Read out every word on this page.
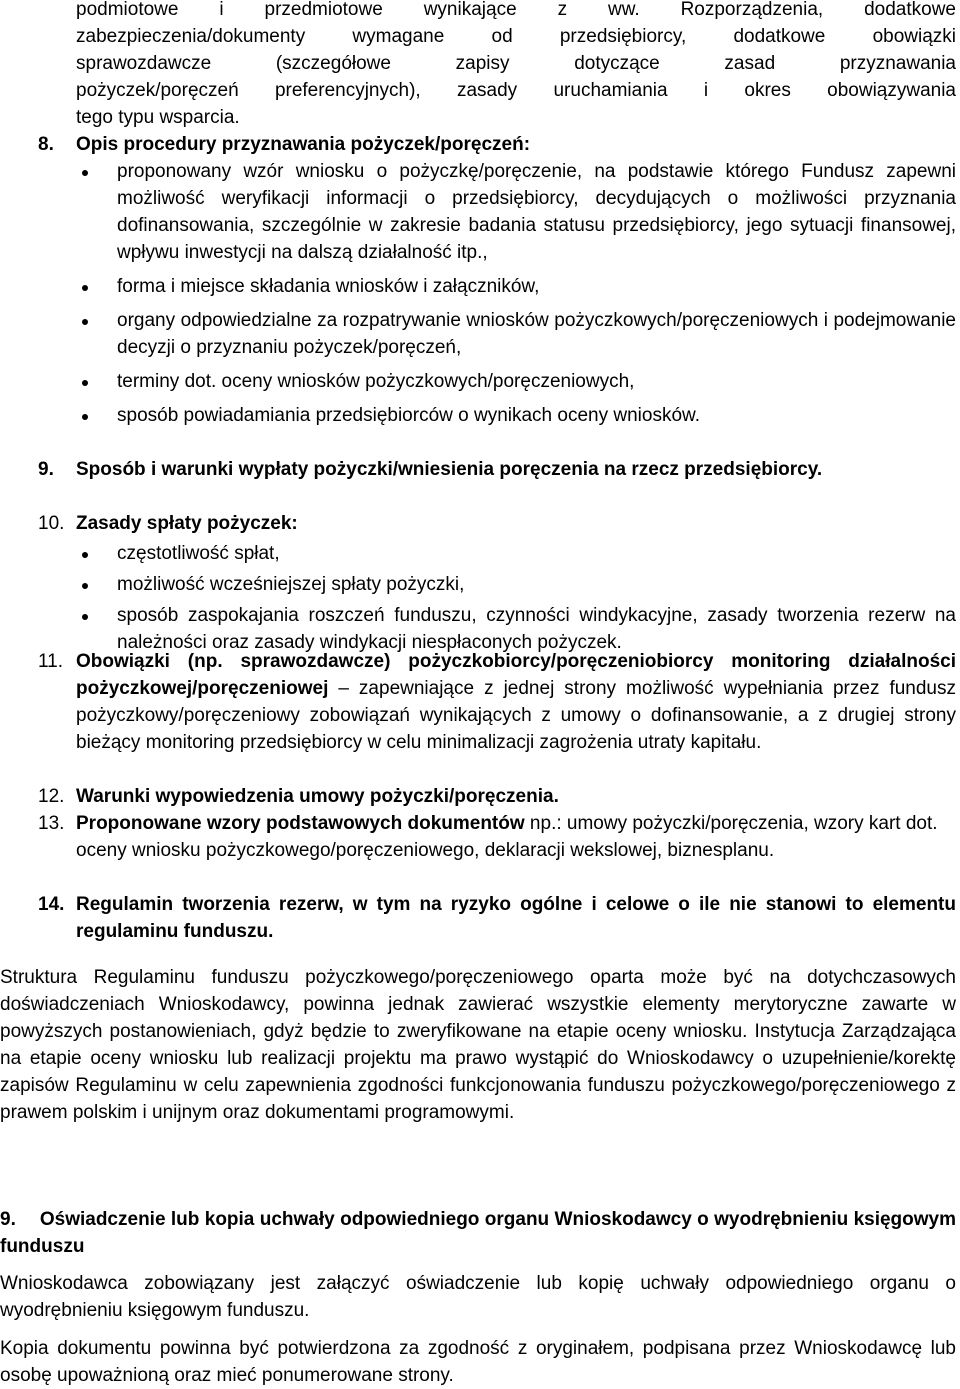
podmiotowe i przedmiotowe wynikające z ww. Rozporządzenia, dodatkowe
zabezpieczenia/dokumenty wymagane od przedsiębiorcy, dodatkowe obowiązki
sprawozdawcze (szczegółowe zapisy dotyczące zasad przyznawania
pożyczek/poręczeń preferencyjnych), zasady uruchamiania i okres obowiązywania
tego typu wsparcia.
8. Opis procedury przyznawania pożyczek/poręczeń:
proponowany wzór wniosku o pożyczkę/poręczenie, na podstawie którego Fundusz zapewni możliwość weryfikacji informacji o przedsiębiorcy, decydujących o możliwości przyznania dofinansowania, szczególnie w zakresie badania statusu przedsiębiorcy, jego sytuacji finansowej, wpływu inwestycji na dalszą działalność itp.,
forma i miejsce składania wniosków i załączników,
organy odpowiedzialne za rozpatrywanie wniosków pożyczkowych/poręczeniowych i podejmowanie decyzji o przyznaniu pożyczek/poręczeń,
terminy dot. oceny wniosków pożyczkowych/poręczeniowych,
sposób powiadamiania przedsiębiorców o wynikach oceny wniosków.
9. Sposób i warunki wypłaty pożyczki/wniesienia poręczenia na rzecz przedsiębiorcy.
10. Zasady spłaty pożyczek:
częstotliwość spłat,
możliwość wcześniejszej spłaty pożyczki,
sposób zaspokajania roszczeń funduszu, czynności windykacyjne, zasady tworzenia rezerw na należności oraz zasady windykacji niespłaconych pożyczek.
11. Obowiązki (np. sprawozdawcze) pożyczkobiorcy/poręczeniobiorcy monitoring działalności pożyczkowej/poręczeniowej – zapewniające z jednej strony możliwość wypełniania przez fundusz pożyczkowy/poręczeniowy zobowiązań wynikających z umowy o dofinansowanie, a z drugiej strony bieżący monitoring przedsiębiorcy w celu minimalizacji zagrożenia utraty kapitału.
12. Warunki wypowiedzenia umowy pożyczki/poręczenia.
13. Proponowane wzory podstawowych dokumentów np.: umowy pożyczki/poręczenia, wzory kart dot. oceny wniosku pożyczkowego/poręczeniowego, deklaracji wekslowej, biznesplanu.
14. Regulamin tworzenia rezerw, w tym na ryzyko ogólne i celowe o ile nie stanowi to elementu regulaminu funduszu.
Struktura Regulaminu funduszu pożyczkowego/poręczeniowego oparta może być na dotychczasowych doświadczeniach Wnioskodawcy, powinna jednak zawierać wszystkie elementy merytoryczne zawarte w powyższych postanowieniach, gdyż będzie to zweryfikowane na etapie oceny wniosku. Instytucja Zarządzająca na etapie oceny wniosku lub realizacji projektu ma prawo wystąpić do Wnioskodawcy o uzupełnienie/korektę zapisów Regulaminu w celu zapewnienia zgodności funkcjonowania funduszu pożyczkowego/poręczeniowego z prawem polskim i unijnym oraz dokumentami programowymi.
9. Oświadczenie lub kopia uchwały odpowiedniego organu Wnioskodawcy o wyodrębnieniu księgowym funduszu
Wnioskodawca zobowiązany jest załączyć oświadczenie lub kopię uchwały odpowiedniego organu o wyodrębnieniu księgowym funduszu.
Kopia dokumentu powinna być potwierdzona za zgodność z oryginałem, podpisana przez Wnioskodawcę lub osobę upoważnioną oraz mieć ponumerowane strony.
